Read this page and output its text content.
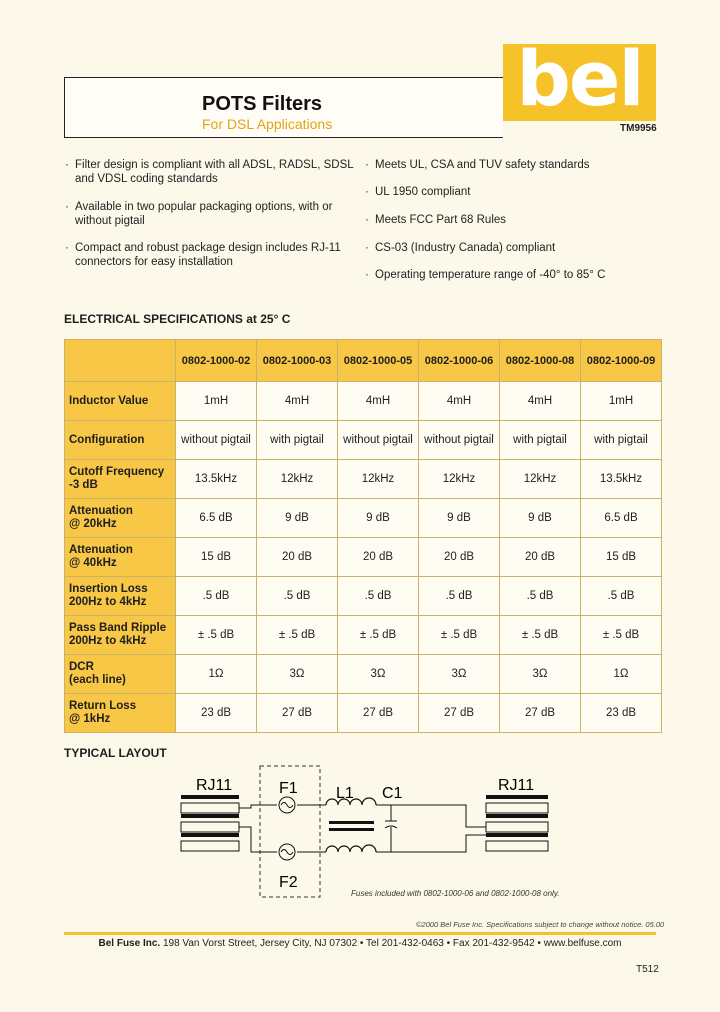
bel
POTS Filters
For DSL Applications	TM9956
· Filter design is compliant with all ADSL, RADSL, SDSL and VDSL coding standards
· Available in two popular packaging options, with or without pigtail
· Compact and robust package design includes RJ-11 connectors for easy installation
· Meets UL, CSA and TUV safety standards
· UL 1950 compliant
· Meets FCC Part 68 Rules
· CS-03 (Industry Canada) compliant
· Operating temperature range of -40° to 85° C
ELECTRICAL SPECIFICATIONS at 25° C
	0802-1000-02	0802-1000-03	0802-1000-05	0802-1000-06	0802-1000-08	0802-1000-09
Inductor Value	1mH	4mH	4mH	4mH	4mH	1mH
Configuration	without pigtail	with pigtail	without pigtail	without pigtail	with pigtail	with pigtail
Cutoff Frequency
-3 dB	13.5kHz	12kHz	12kHz	12kHz	12kHz	13.5kHz
Attenuation
@ 20kHz	6.5 dB	9 dB	9 dB	9 dB	9 dB	6.5 dB
Attenuation
@ 40kHz	15 dB	20 dB	20 dB	20 dB	20 dB	15 dB
Insertion Loss
200Hz to 4kHz	.5 dB	.5 dB	.5 dB	.5 dB	.5 dB	.5 dB
Pass Band Ripple
200Hz to 4kHz	± .5 dB	± .5 dB	± .5 dB	± .5 dB	± .5 dB	± .5 dB
DCR
(each line)	1Ω	3Ω	3Ω	3Ω	3Ω	1Ω
Return Loss
@ 1kHz	23 dB	27 dB	27 dB	27 dB	27 dB	23 dB
TYPICAL LAYOUT
RJ11	RJ11
F1
F2
L1 C1
Fuses included with 0802-1000-06 and 0802-1000-08 only.
©2000 Bel Fuse Inc. Specifications subject to change without notice. 05.00
Bel Fuse Inc. 198 Van Vorst Street, Jersey City, NJ 07302 • Tel 201-432-0463 • Fax 201-432-9542 • www.belfuse.com
T512
